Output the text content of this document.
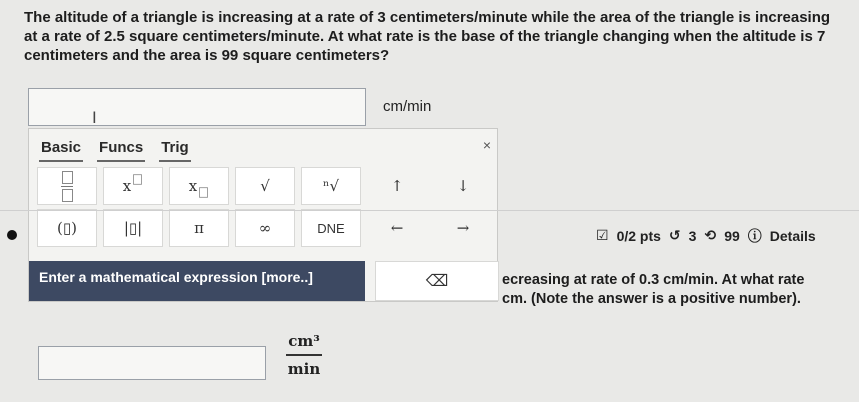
The altitude of a triangle is increasing at a rate of 3 centimeters/minute while the area of the triangle is increasing at a rate of 2.5 square centimeters/minute. At what rate is the base of the triangle changing when the altitude is 7 centimeters and the area is 99 square centimeters?
I
cm/min
Basic Funcs Trig	×
x	x	√	ⁿ√	↑	↓
(▯)	|▯|	π	∞	DNE	←	→
Enter a mathematical expression [more..]	⌫
☑ 0/2 pts ↺ 3 ⟲ 99 ⓘ Details
ecreasing at rate of 0.3 cm/min. At what rate
cm. (Note the answer is a positive number).
cm³
min
